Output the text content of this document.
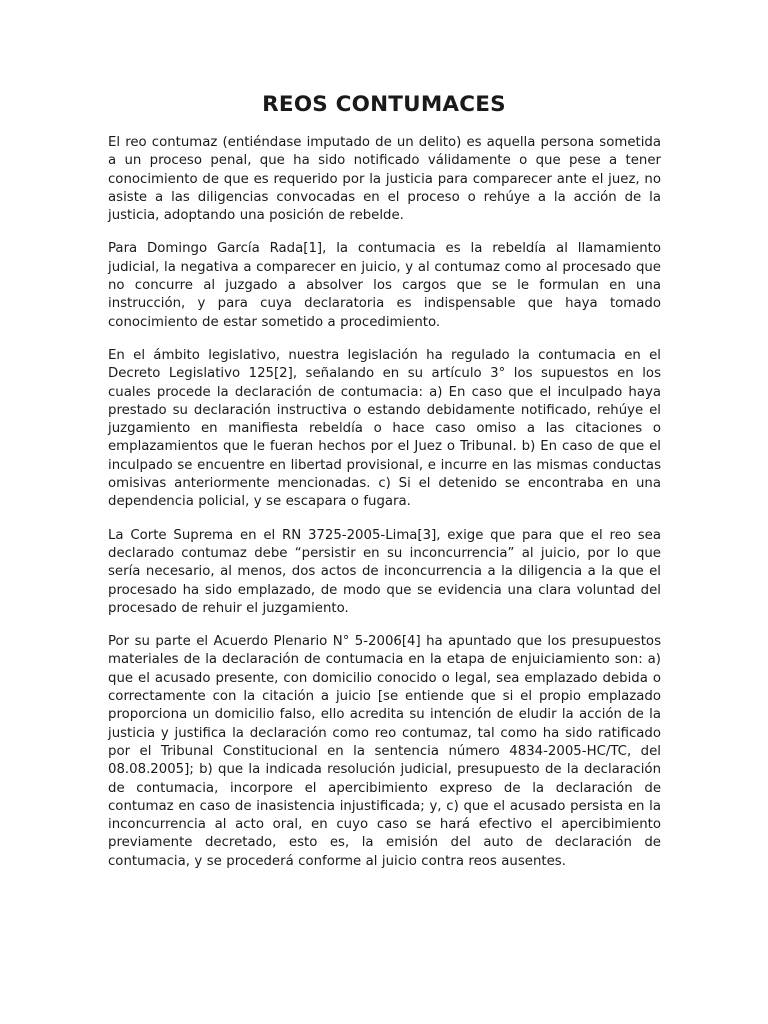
REOS CONTUMACES

El reo contumaz (entiéndase imputado de un delito) es aquella persona sometida a un proceso penal, que ha sido notificado válidamente o que pese a tener conocimiento de que es requerido por la justicia para comparecer ante el juez, no asiste a las diligencias convocadas en el proceso o rehúye a la acción de la justicia, adoptando una posición de rebelde.

Para Domingo García Rada[1], la contumacia es la rebeldía al llamamiento judicial, la negativa a comparecer en juicio, y al contumaz como al procesado que no concurre al juzgado a absolver los cargos que se le formulan en una instrucción, y para cuya declaratoria es indispensable que haya tomado conocimiento de estar sometido a procedimiento.

En el ámbito legislativo, nuestra legislación ha regulado la contumacia en el Decreto Legislativo 125[2], señalando en su artículo 3° los supuestos en los cuales procede la declaración de contumacia: a) En caso que el inculpado haya prestado su declaración instructiva o estando debidamente notificado, rehúye el juzgamiento en manifiesta rebeldía o hace caso omiso a las citaciones o emplazamientos que le fueran hechos por el Juez o Tribunal. b) En caso de que el inculpado se encuentre en libertad provisional, e incurre en las mismas conductas omisivas anteriormente mencionadas. c) Si el detenido se encontraba en una dependencia policial, y se escapara o fugara.

La Corte Suprema en el RN 3725-2005-Lima[3], exige que para que el reo sea declarado contumaz debe “persistir en su inconcurrencia” al juicio, por lo que sería necesario, al menos, dos actos de inconcurrencia a la diligencia a la que el procesado ha sido emplazado, de modo que se evidencia una clara voluntad del procesado de rehuir el juzgamiento.

Por su parte el Acuerdo Plenario N° 5-2006[4] ha apuntado que los presupuestos materiales de la declaración de contumacia en la etapa de enjuiciamiento son: a) que el acusado presente, con domicilio conocido o legal, sea emplazado debida o correctamente con la citación a juicio [se entiende que si el propio emplazado proporciona un domicilio falso, ello acredita su intención de eludir la acción de la justicia y justifica la declaración como reo contumaz, tal como ha sido ratificado por el Tribunal Constitucional en la sentencia número 4834-2005-HC/TC, del 08.08.2005]; b) que la indicada resolución judicial, presupuesto de la declaración de contumacia, incorpore el apercibimiento expreso de la declaración de contumaz en caso de inasistencia injustificada; y, c) que el acusado persista en la inconcurrencia al acto oral, en cuyo caso se hará efectivo el apercibimiento previamente decretado, esto es, la emisión del auto de declaración de contumacia, y se procederá conforme al juicio contra reos ausentes.
